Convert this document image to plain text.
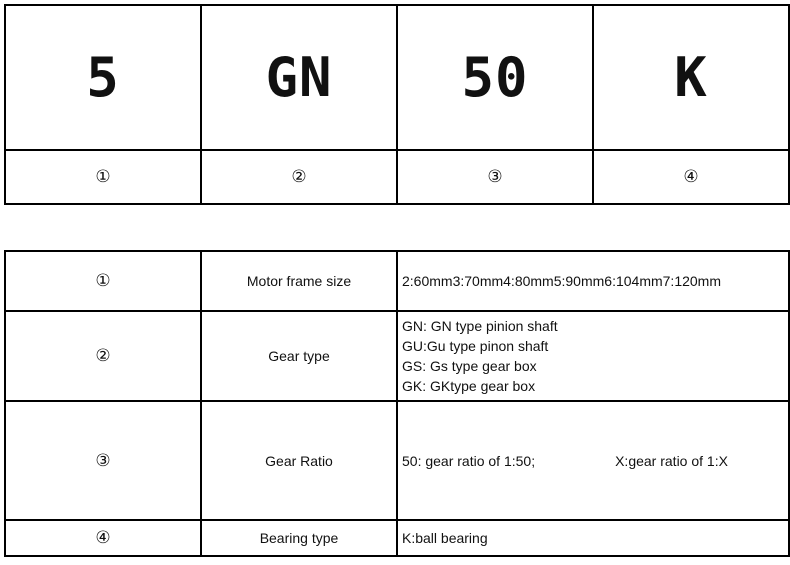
5	GN	50	K
①	②	③	④
①	Motor frame size	2:60mm3:70mm4:80mm5:90mm6:104mm7:120mm

②	Gear type	GN: GN type pinion shaft
GU:Gu type pinon shaft
GS: Gs type gear box
GK: GKtype gear box

③	Gear Ratio	50: gear ratio of 1:50; X:gear ratio of 1:X
④	Bearing type	K:ball bearing
